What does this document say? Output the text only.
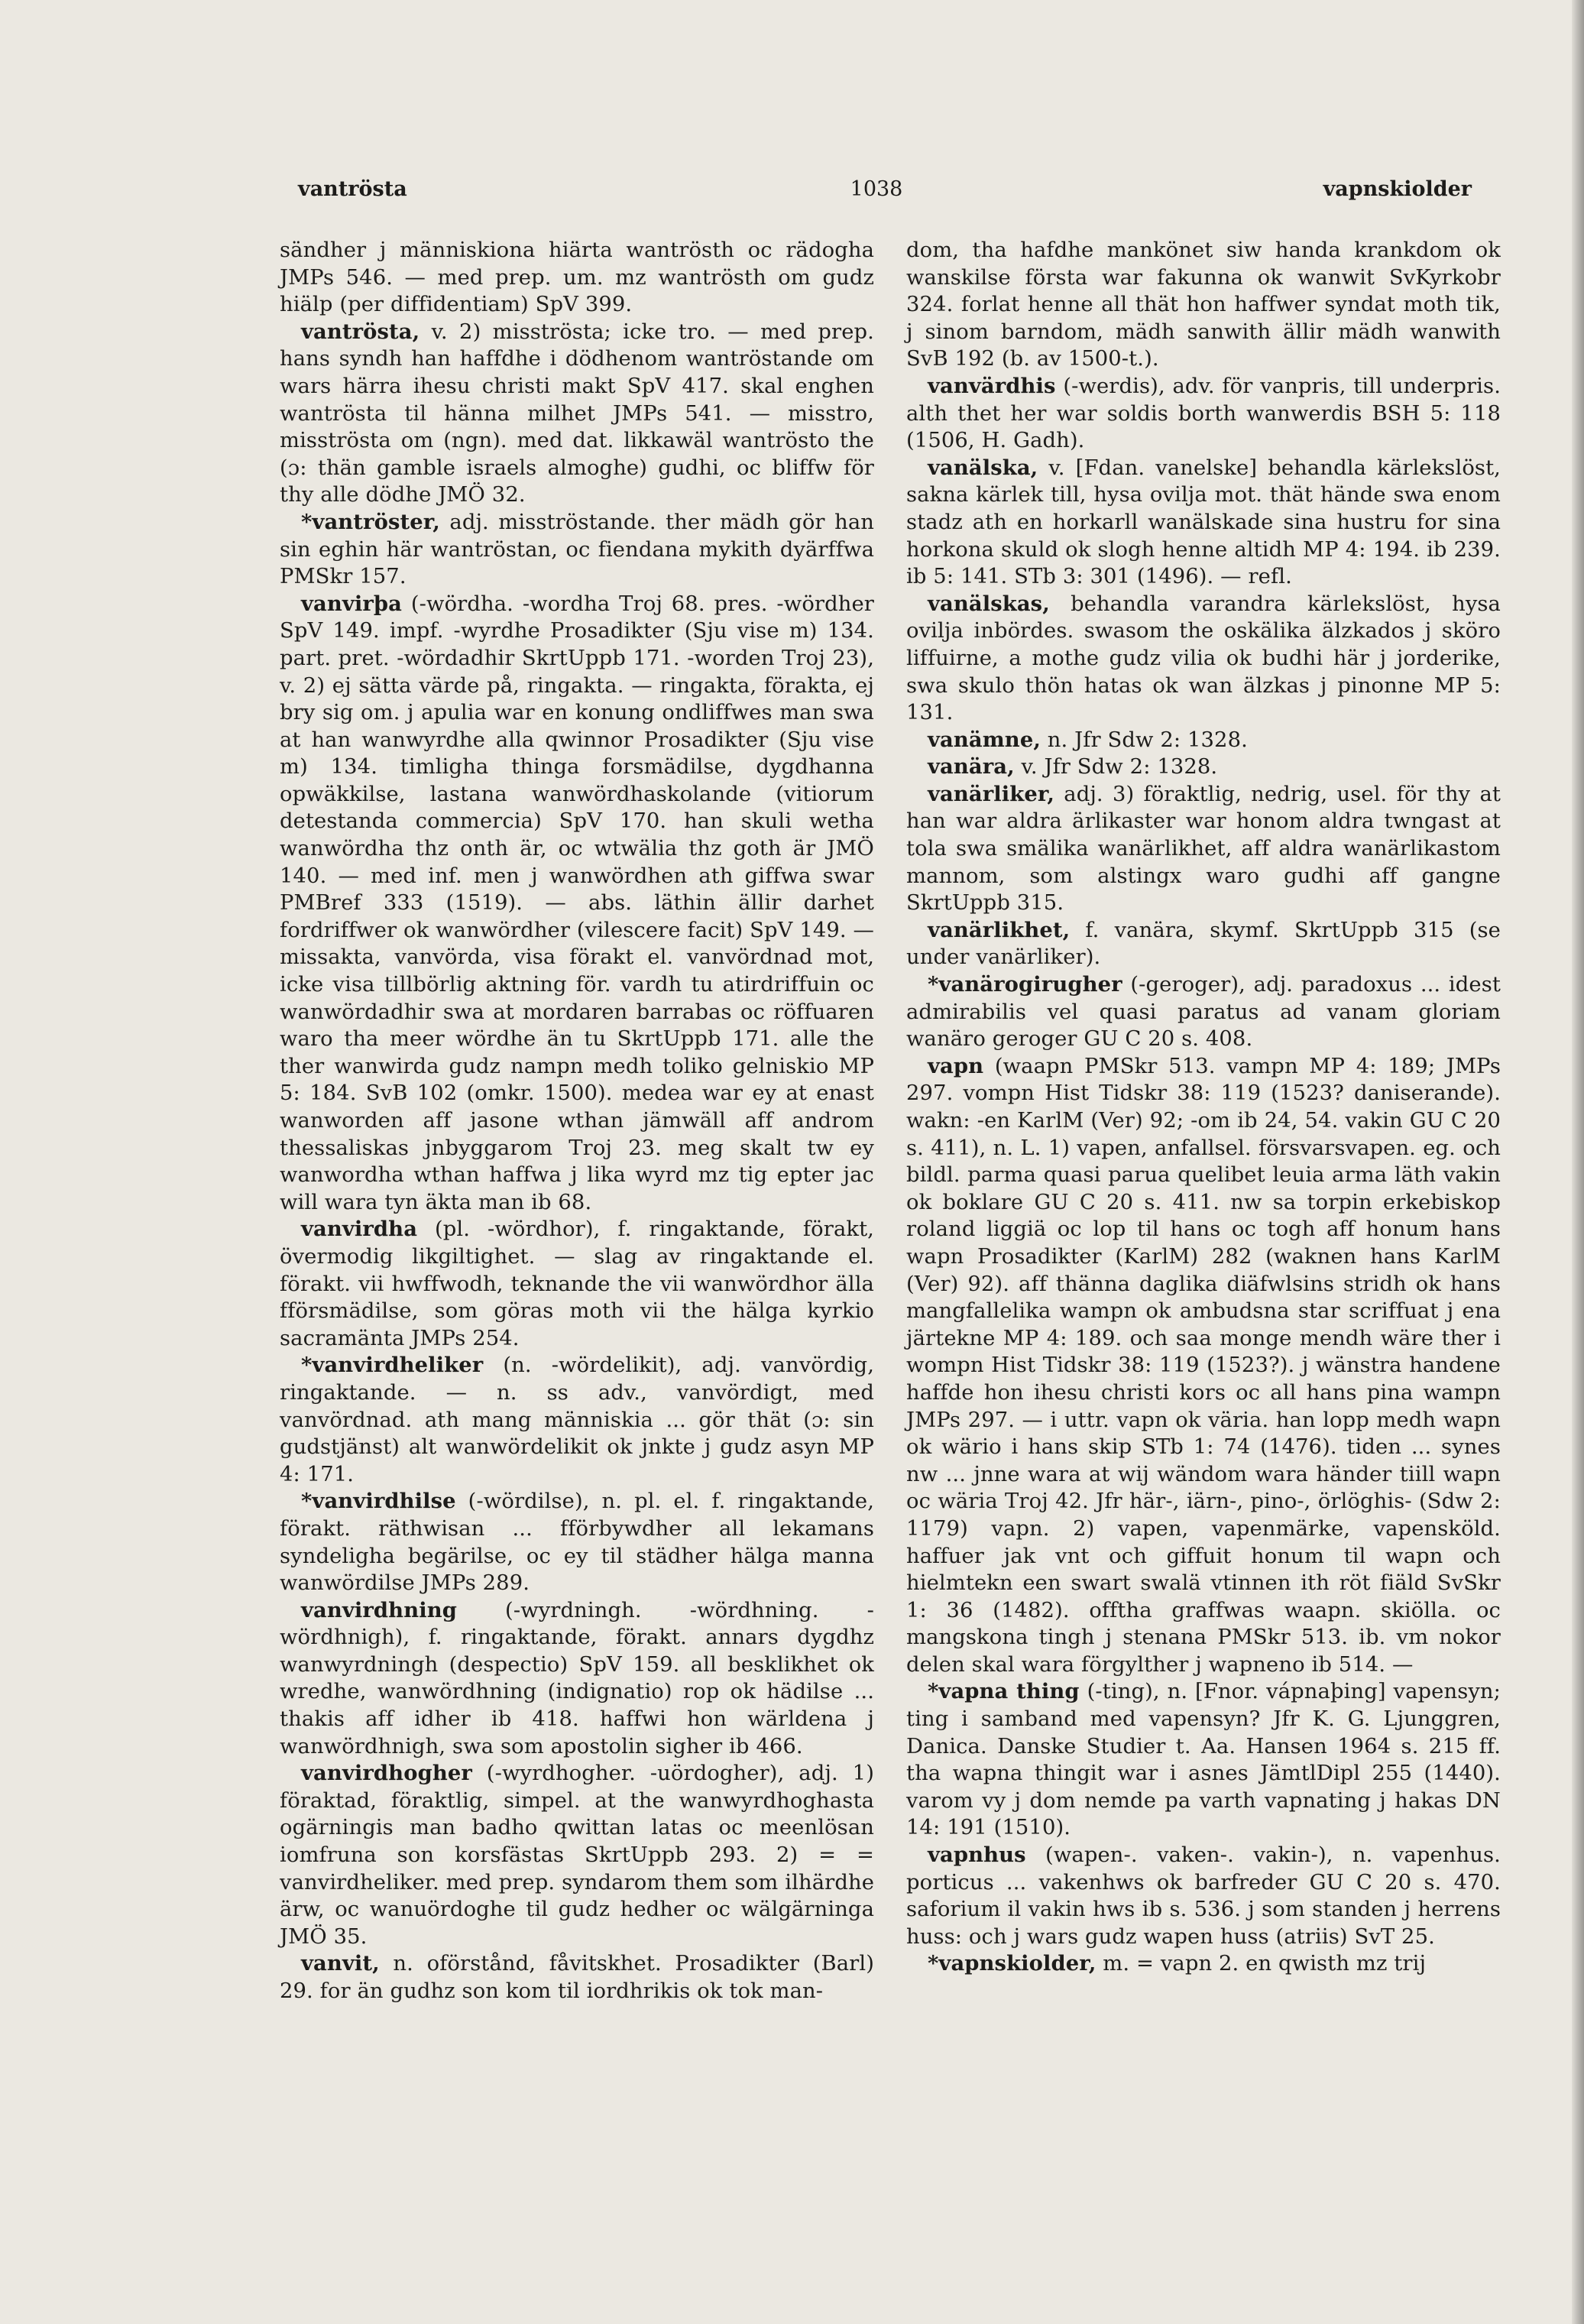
vantrösta	1038	vapnskiolder

sändher j människiona hiärta wantrösth oc rädogha JMPs 546. — med prep. um. mz wantrösth om gudz hiälp (per diffidentiam) SpV 399.

vantrösta, v. 2) misströsta; icke tro. — med prep. hans syndh han haffdhe i dödhenom wantröstande om wars härra ihesu christi makt SpV 417. skal enghen wantrösta til hänna milhet JMPs 541. — misstro, misströsta om (ngn). med dat. likkawäl wantrösto the (ɔ: thän gamble israels almoghe) gudhi, oc bliffw för thy alle dödhe JMÖ 32.

*vantröster, adj. misströstande. ther mädh gör han sin eghin här wantröstan, oc fiendana mykith dyärffwa PMSkr 157.

vanvirþa (-wördha. -wordha Troj 68. pres. -wördher SpV 149. impf. -wyrdhe Prosadikter (Sju vise m) 134. part. pret. -wördadhir SkrtUppb 171. -worden Troj 23), v. 2) ej sätta värde på, ringakta. — ringakta, förakta, ej bry sig om. j apulia war en konung ondliffwes man swa at han wanwyrdhe alla qwinnor Prosadikter (Sju vise m) 134. timligha thinga forsmädilse, dygdhanna opwäkkilse, lastana wanwördhaskolande (vitiorum detestanda commercia) SpV 170. han skuli wetha wanwördha thz onth är, oc wtwälia thz goth är JMÖ 140. — med inf. men j wanwördhen ath giffwa swar PMBref 333 (1519). — abs. läthin ällir darhet fordriffwer ok wanwördher (vilescere facit) SpV 149. — missakta, vanvörda, visa förakt el. vanvördnad mot, icke visa tillbörlig aktning för. vardh tu atirdriffuin oc wanwördadhir swa at mordaren barrabas oc röffuaren waro tha meer wördhe än tu SkrtUppb 171. alle the ther wanwirda gudz nampn medh toliko gelniskio MP 5: 184. SvB 102 (omkr. 1500). medea war ey at enast wanworden aff jasone wthan jämwäll aff androm thessaliskas jnbyggarom Troj 23. meg skalt tw ey wanwordha wthan haffwa j lika wyrd mz tig epter jac will wara tyn äkta man ib 68.

vanvirdha (pl. -wördhor), f. ringaktande, förakt, övermodig likgiltighet. — slag av ringaktande el. förakt. vii hwffwodh, teknande the vii wanwördhor älla fförsmädilse, som göras moth vii the hälga kyrkio sacramänta JMPs 254.

*vanvirdheliker (n. -wördelikit), adj. vanvördig, ringaktande. — n. ss adv., vanvördigt, med vanvördnad. ath mang människia ... gör thät (ɔ: sin gudstjänst) alt wanwördelikit ok jnkte j gudz asyn MP 4: 171.

*vanvirdhilse (-wördilse), n. pl. el. f. ringaktande, förakt. räthwisan ... fförbywdher all lekamans syndeligha begärilse, oc ey til städher hälga manna wanwördilse JMPs 289.

vanvirdhning (-wyrdningh. -wördhning. -wördhnigh), f. ringaktande, förakt. annars dygdhz wanwyrdningh (despectio) SpV 159. all besklikhet ok wredhe, wanwördhning (indignatio) rop ok hädilse ... thakis aff idher ib 418. haffwi hon wärldena j wanwördhnigh, swa som apostolin sigher ib 466.

vanvirdhogher (-wyrdhogher. -uördogher), adj. 1) föraktad, föraktlig, simpel. at the wanwyrdhoghasta ogärningis man badho qwittan latas oc meenlösan iomfruna son korsfästas SkrtUppb 293. 2) = = vanvirdheliker. med prep. syndarom them som ilhärdhe ärw, oc wanuördoghe til gudz hedher oc wälgärninga JMÖ 35.

vanvit, n. oförstånd, fåvitskhet. Prosadikter (Barl) 29. for än gudhz son kom til iordhrikis ok tok man-

dom, tha hafdhe mankönet siw handa krankdom ok wanskilse första war fakunna ok wanwit SvKyrkobr 324. forlat henne all thät hon haffwer syndat moth tik, j sinom barndom, mädh sanwith ällir mädh wanwith SvB 192 (b. av 1500-t.).

vanvärdhis (-werdis), adv. för vanpris, till underpris. alth thet her war soldis borth wanwerdis BSH 5: 118 (1506, H. Gadh).

vanälska, v. [Fdan. vanelske] behandla kärlekslöst, sakna kärlek till, hysa ovilja mot. thät hände swa enom stadz ath en horkarll wanälskade sina hustru for sina horkona skuld ok slogh henne altidh MP 4: 194. ib 239. ib 5: 141. STb 3: 301 (1496). — refl.

vanälskas, behandla varandra kärlekslöst, hysa ovilja inbördes. swasom the oskälika älzkados j sköro liffuirne, a mothe gudz vilia ok budhi här j jorderike, swa skulo thön hatas ok wan älzkas j pinonne MP 5: 131.

vanämne, n. Jfr Sdw 2: 1328.

vanära, v. Jfr Sdw 2: 1328.

vanärliker, adj. 3) föraktlig, nedrig, usel. för thy at han war aldra ärlikaster war honom aldra twngast at tola swa smälika wanärlikhet, aff aldra wanärlikastom mannom, som alstingx waro gudhi aff gangne SkrtUppb 315.

vanärlikhet, f. vanära, skymf. SkrtUppb 315 (se under vanärliker).

*vanärogirugher (-geroger), adj. paradoxus ... idest admirabilis vel quasi paratus ad vanam gloriam wanäro geroger GU C 20 s. 408.

vapn (waapn PMSkr 513. vampn MP 4: 189; JMPs 297. vompn Hist Tidskr 38: 119 (1523? daniserande). wakn: -en KarlM (Ver) 92; -om ib 24, 54. vakin GU C 20 s. 411), n. L. 1) vapen, anfallsel. försvarsvapen. eg. och bildl. parma quasi parua quelibet leuia arma läth vakin ok boklare GU C 20 s. 411. nw sa torpin erkebiskop roland liggiä oc lop til hans oc togh aff honum hans wapn Prosadikter (KarlM) 282 (waknen hans KarlM (Ver) 92). aff thänna daglika diäfwlsins stridh ok hans mangfallelika wampn ok ambudsna star scriffuat j ena järtekne MP 4: 189. och saa monge mendh wäre ther i wompn Hist Tidskr 38: 119 (1523?). j wänstra handene haffde hon ihesu christi kors oc all hans pina wampn JMPs 297. — i uttr. vapn ok väria. han lopp medh wapn ok wärio i hans skip STb 1: 74 (1476). tiden ... synes nw ... jnne wara at wij wändom wara händer tiill wapn oc wäria Troj 42. Jfr här-, iärn-, pino-, örlöghis- (Sdw 2: 1179) vapn. 2) vapen, vapenmärke, vapensköld. haffuer jak vnt och giffuit honum til wapn och hielmtekn een swart swalä vtinnen ith röt fiäld SvSkr 1: 36 (1482). offtha graffwas waapn. skiölla. oc mangskona tingh j stenana PMSkr 513. ib. vm nokor delen skal wara förgylther j wapneno ib 514. —

*vapna thing (-ting), n. [Fnor. vápnaþing] vapensyn; ting i samband med vapensyn? Jfr K. G. Ljunggren, Danica. Danske Studier t. Aa. Hansen 1964 s. 215 ff. tha wapna thingit war i asnes JämtlDipl 255 (1440). varom vy j dom nemde pa varth vapnating j hakas DN 14: 191 (1510).

vapnhus (wapen-. vaken-. vakin-), n. vapenhus. porticus ... vakenhws ok barfreder GU C 20 s. 470. saforium il vakin hws ib s. 536. j som standen j herrens huss: och j wars gudz wapen huss (atriis) SvT 25.

*vapnskiolder, m. = vapn 2. en qwisth mz trij
